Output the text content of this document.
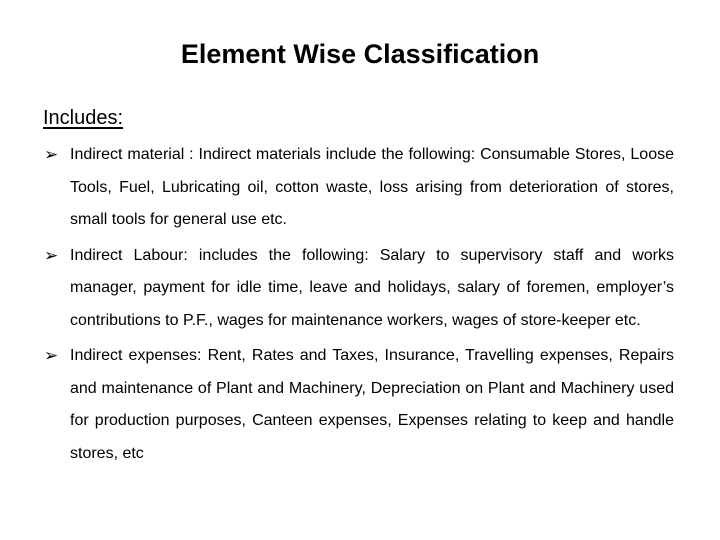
Element Wise Classification
Includes:
➢ Indirect material : Indirect materials include the following: Consumable Stores, Loose Tools, Fuel, Lubricating oil, cotton waste, loss arising from deterioration of stores, small tools for general use etc.
➢ Indirect Labour: includes the following: Salary to supervisory staff and works manager, payment for idle time, leave and holidays, salary of foremen, employer’s contributions to P.F., wages for maintenance workers, wages of store-keeper etc.
➢ Indirect expenses: Rent, Rates and Taxes, Insurance, Travelling expenses, Repairs and maintenance of Plant and Machinery, Depreciation on Plant and Machinery used for production purposes, Canteen expenses, Expenses relating to keep and handle stores, etc
